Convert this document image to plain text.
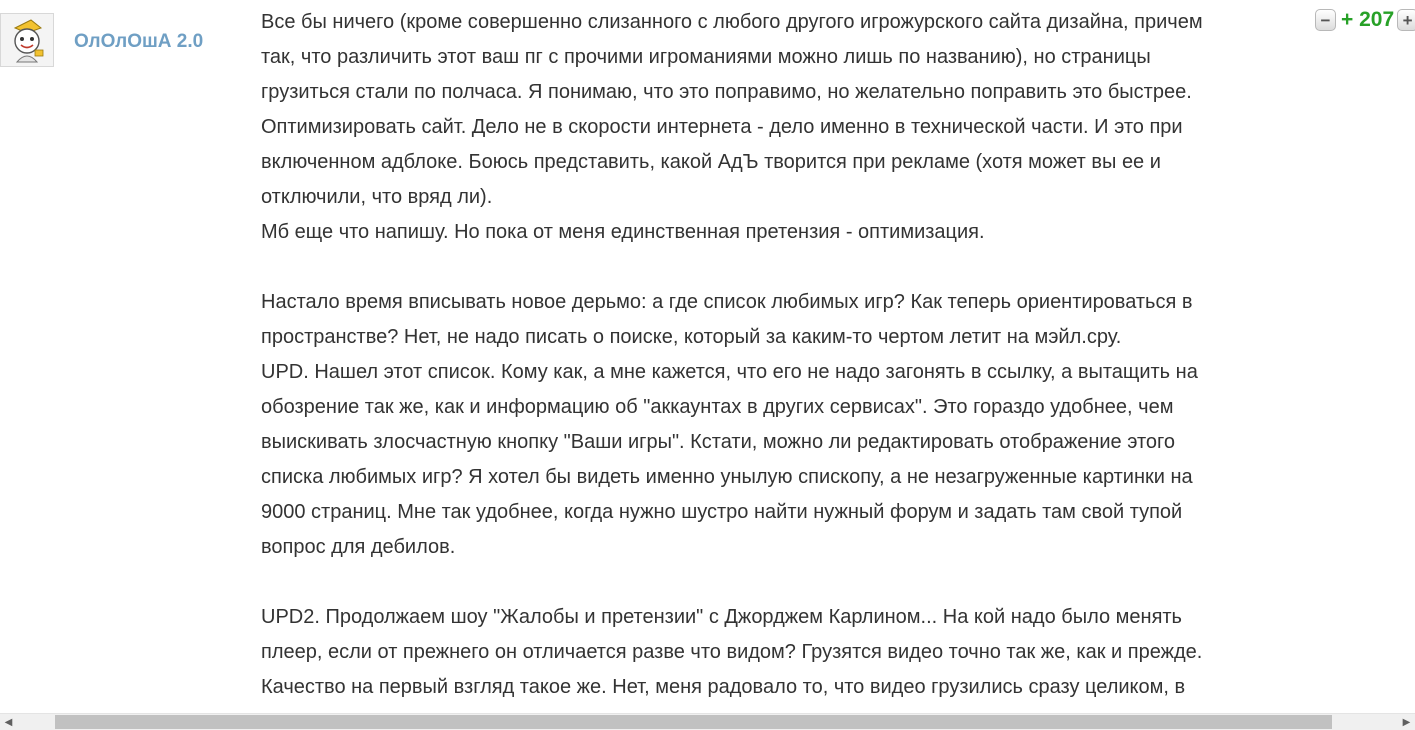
ОлОлОшА 2.0
− + 207 +

Все бы ничего (кроме совершенно слизанного с любого другого игрожурского сайта дизайна, причем

так, что различить этот ваш пг с прочими игроманиями можно лишь по названию), но страницы

грузиться стали по полчаса. Я понимаю, что это поправимо, но желательно поправить это быстрее.

Оптимизировать сайт. Дело не в скорости интернета - дело именно в технической части. И это при

включенном адблоке. Боюсь представить, какой АдЪ творится при рекламе (хотя может вы ее и

отключили, что вряд ли).

Мб еще что напишу. Но пока от меня единственная претензия - оптимизация.

Настало время вписывать новое дерьмо: а где список любимых игр? Как теперь ориентироваться в

пространстве? Нет, не надо писать о поиске, который за каким-то чертом летит на мэйл.сру.

UPD. Нашел этот список. Кому как, а мне кажется, что его не надо загонять в ссылку, а вытащить на

обозрение так же, как и информацию об "аккаунтах в других сервисах". Это гораздо удобнее, чем

выискивать злосчастную кнопку "Ваши игры". Кстати, можно ли редактировать отображение этого

списка любимых игр? Я хотел бы видеть именно унылую спископу, а не незагруженные картинки на

9000 страниц. Мне так удобнее, когда нужно шустро найти нужный форум и задать там свой тупой

вопрос для дебилов.

UPD2. Продолжаем шоу "Жалобы и претензии" с Джорджем Карлином... На кой надо было менять

плеер, если от прежнего он отличается разве что видом? Грузятся видео точно так же, как и прежде.

Качество на первый взгляд такое же. Нет, меня радовало то, что видео грузились сразу целиком, в

◀	▶
